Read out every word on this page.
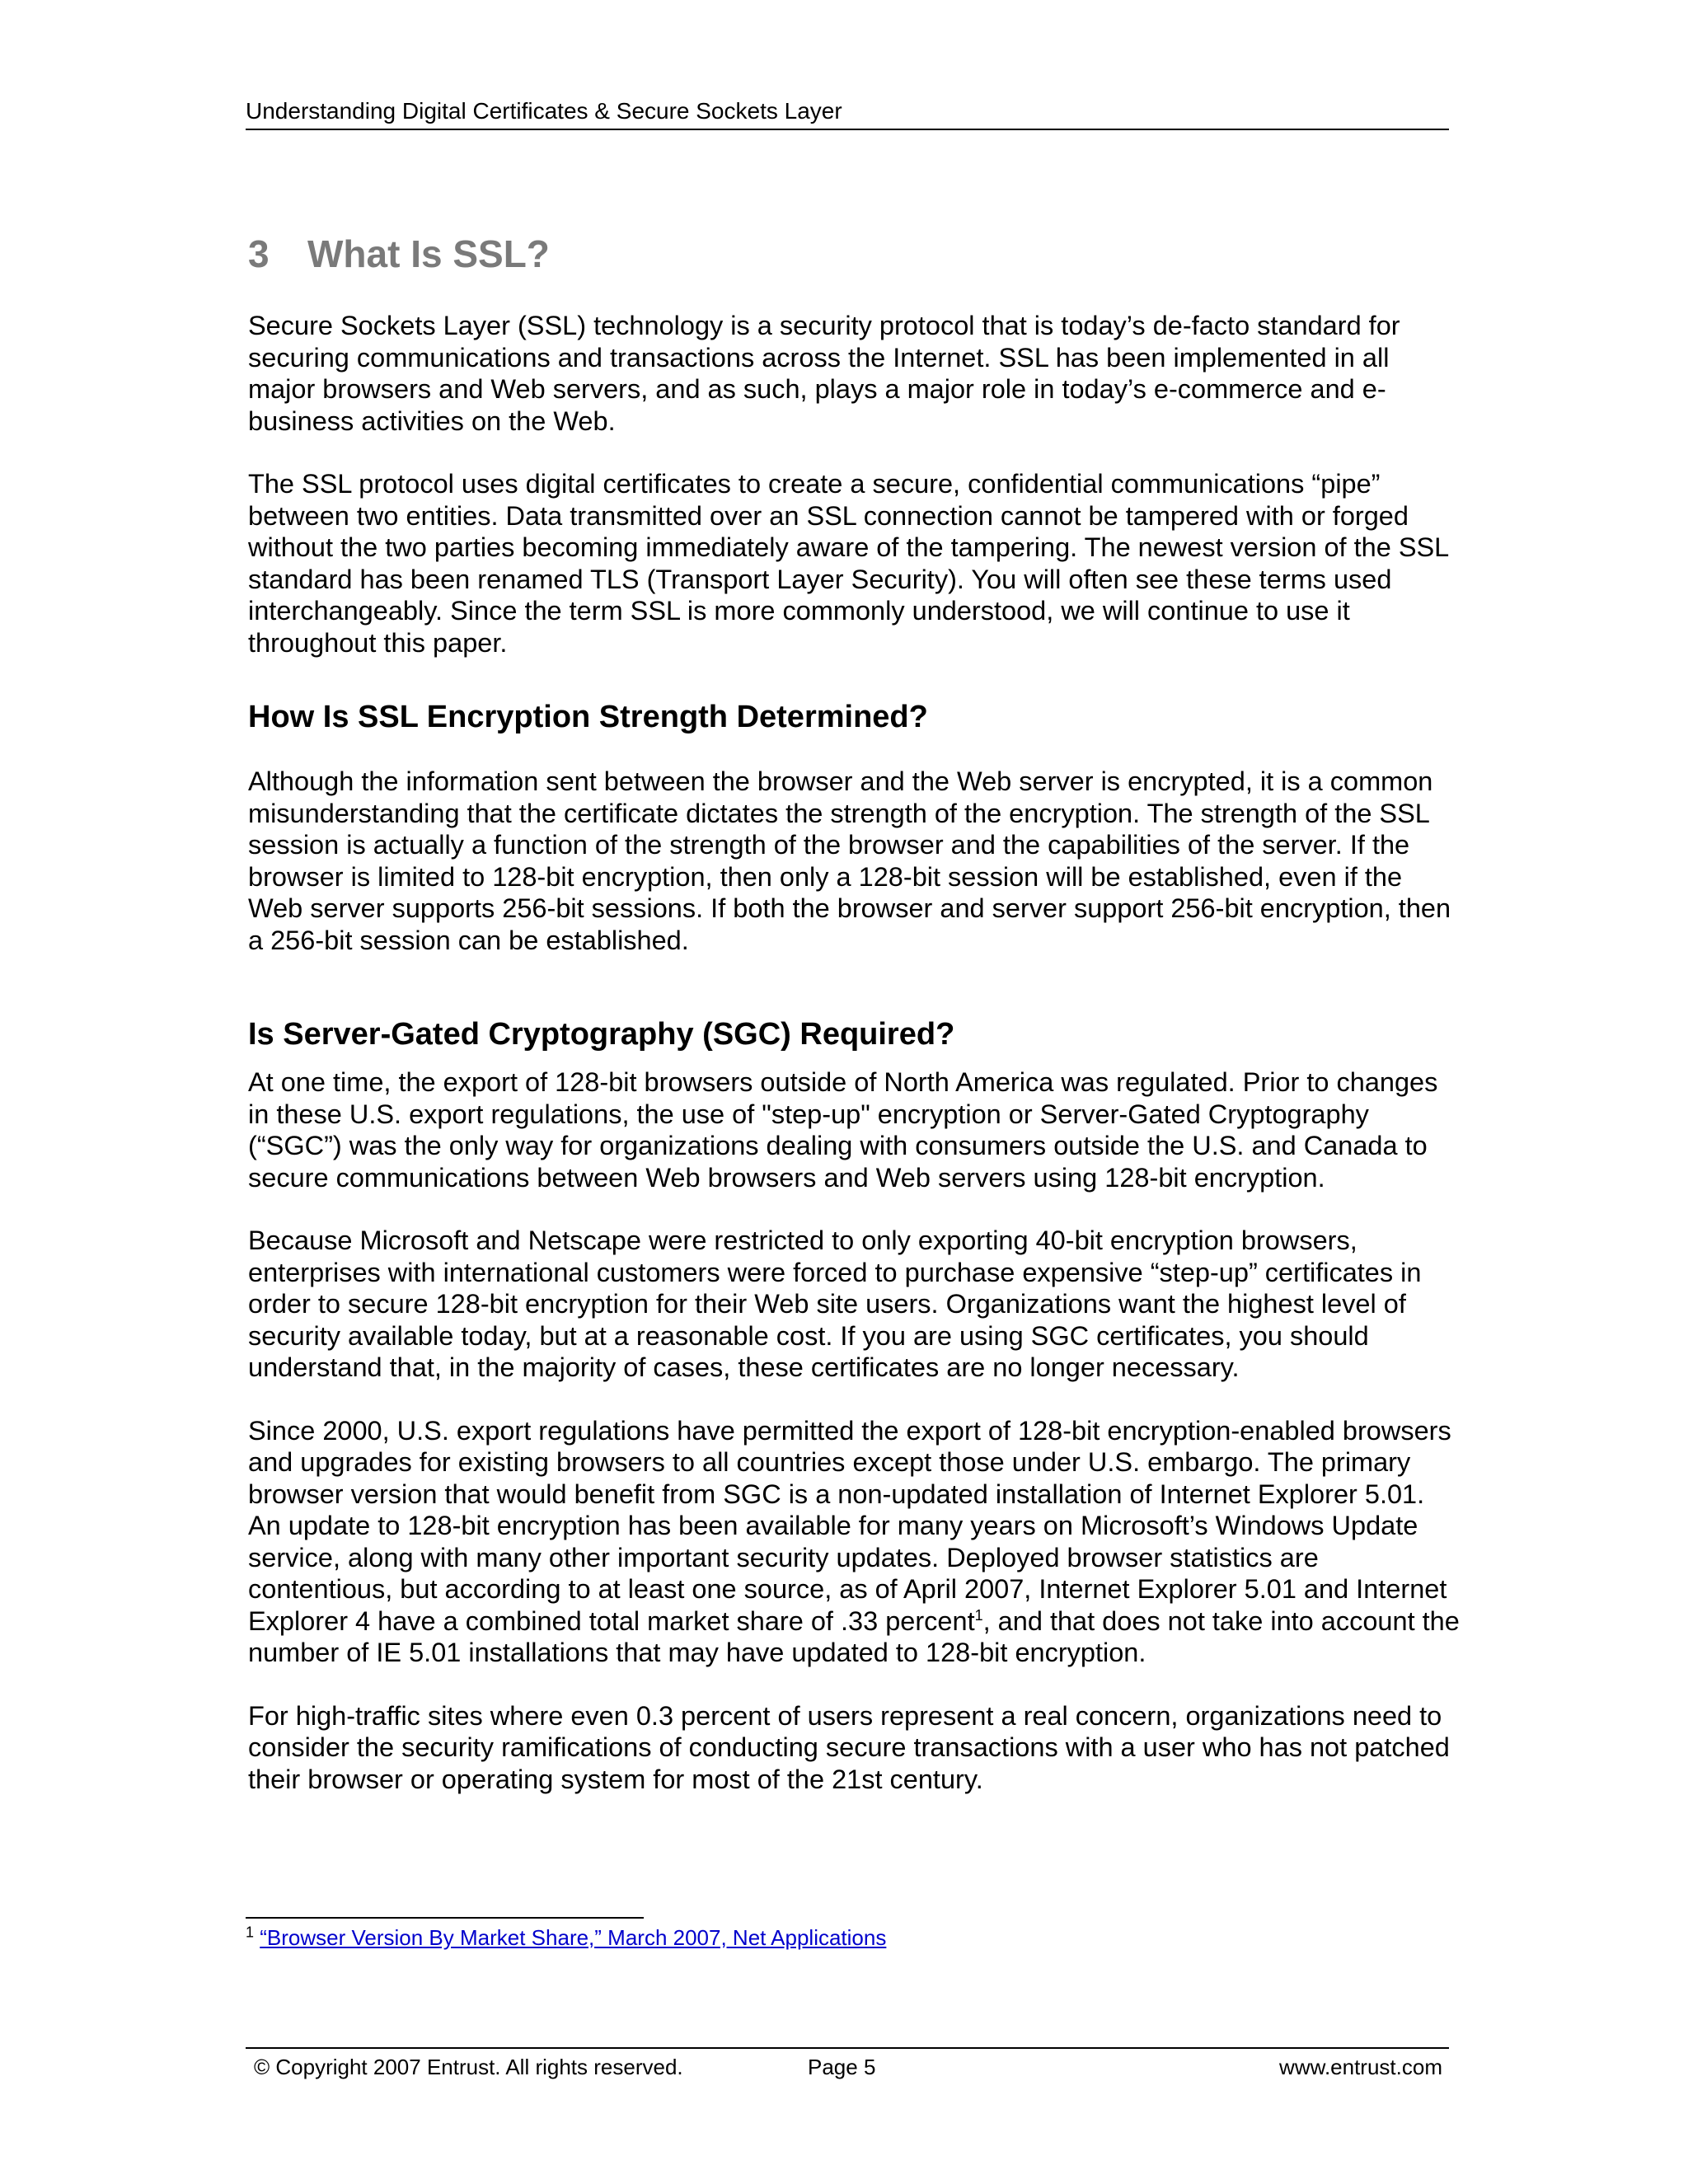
Understanding Digital Certificates & Secure Sockets Layer
3 What Is SSL?

Secure Sockets Layer (SSL) technology is a security protocol that is today’s de-facto standard for securing communications and transactions across the Internet. SSL has been implemented in all major browsers and Web servers, and as such, plays a major role in today’s e-commerce and e-business activities on the Web.

The SSL protocol uses digital certificates to create a secure, confidential communications “pipe” between two entities. Data transmitted over an SSL connection cannot be tampered with or forged without the two parties becoming immediately aware of the tampering. The newest version of the SSL standard has been renamed TLS (Transport Layer Security). You will often see these terms used interchangeably. Since the term SSL is more commonly understood, we will continue to use it throughout this paper.

How Is SSL Encryption Strength Determined?

Although the information sent between the browser and the Web server is encrypted, it is a common misunderstanding that the certificate dictates the strength of the encryption. The strength of the SSL session is actually a function of the strength of the browser and the capabilities of the server. If the browser is limited to 128-bit encryption, then only a 128-bit session will be established, even if the Web server supports 256-bit sessions. If both the browser and server support 256-bit encryption, then a 256-bit session can be established.

Is Server-Gated Cryptography (SGC) Required?

At one time, the export of 128-bit browsers outside of North America was regulated. Prior to changes in these U.S. export regulations, the use of "step-up" encryption or Server-Gated Cryptography (“SGC”) was the only way for organizations dealing with consumers outside the U.S. and Canada to secure communications between Web browsers and Web servers using 128-bit encryption.

Because Microsoft and Netscape were restricted to only exporting 40-bit encryption browsers, enterprises with international customers were forced to purchase expensive “step-up” certificates in order to secure 128-bit encryption for their Web site users. Organizations want the highest level of security available today, but at a reasonable cost. If you are using SGC certificates, you should understand that, in the majority of cases, these certificates are no longer necessary.

Since 2000, U.S. export regulations have permitted the export of 128-bit encryption-enabled browsers and upgrades for existing browsers to all countries except those under U.S. embargo. The primary browser version that would benefit from SGC is a non-updated installation of Internet Explorer 5.01. An update to 128-bit encryption has been available for many years on Microsoft’s Windows Update service, along with many other important security updates. Deployed browser statistics are contentious, but according to at least one source, as of April 2007, Internet Explorer 5.01 and Internet Explorer 4 have a combined total market share of .33 percent$^1$, and that does not take into account the number of IE 5.01 installations that may have updated to 128-bit encryption.

For high-traffic sites where even 0.3 percent of users represent a real concern, organizations need to consider the security ramifications of conducting secure transactions with a user who has not patched their browser or operating system for most of the 21st century.

$^1$ “Browser Version By Market Share,” March 2007, Net Applications
© Copyright 2007 Entrust. All rights reserved.	Page 5	www.entrust.com
